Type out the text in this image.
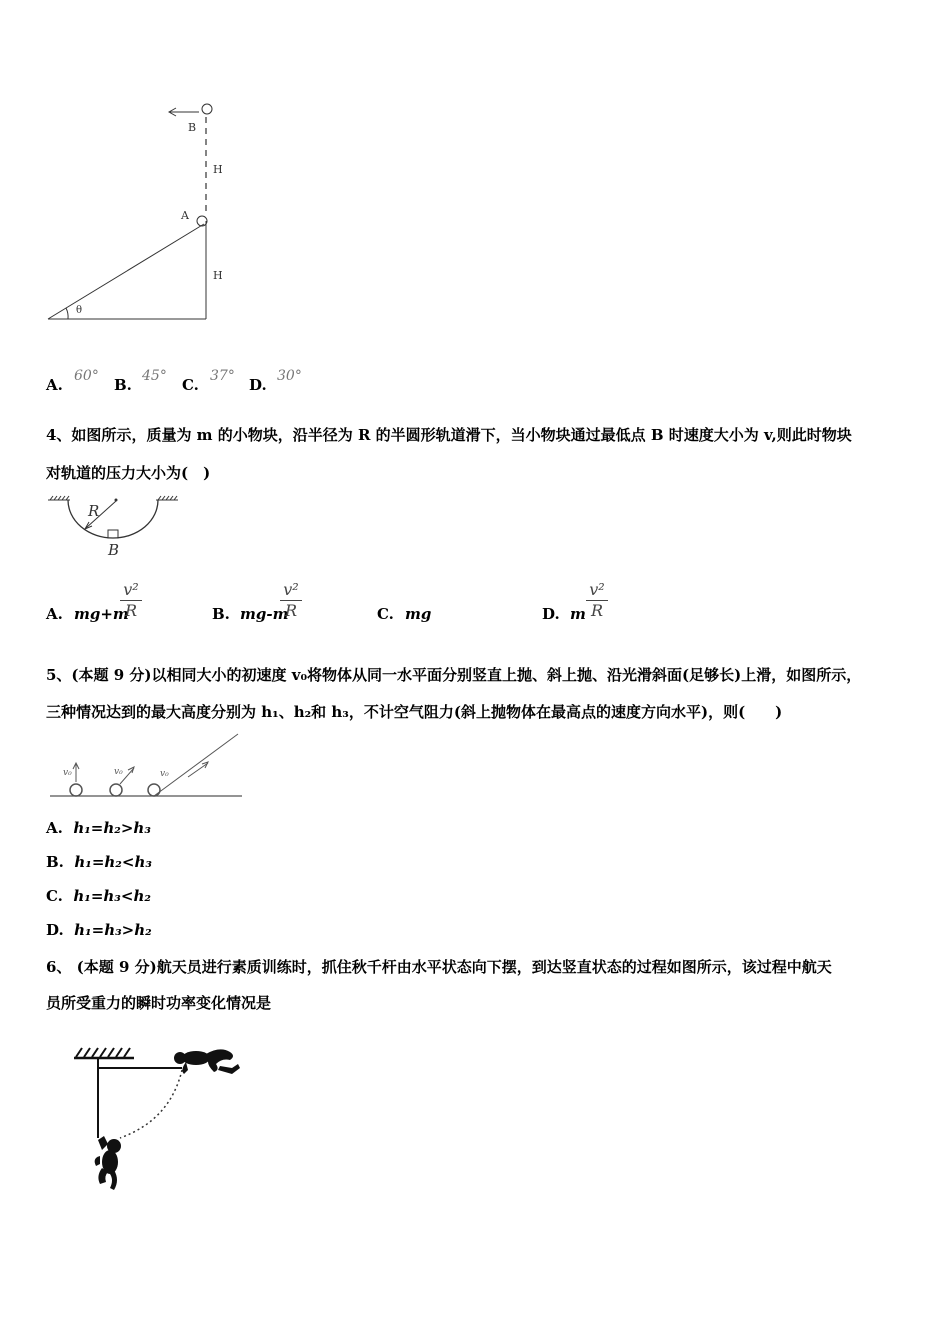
B
H
A
H
θ
A. 60° B. 45° C. 37° D. 30°
4、如图所示，质量为 m 的小物块，沿半径为 R 的半圆形轨道滑下，当小物块通过最低点 B 时速度大小为 v,则此时物块
对轨道的压力大小为(　)
R
B
A. mg+m
$\frac{\text{v²}}{R}$	B. mg-m
$\frac{\text{v²}}{R}$	C. mg	D. m $\frac{\text{v²}}{R}$
5、(本题 9 分)以相同大小的初速度 v₀将物体从同一水平面分别竖直上抛、斜上抛、沿光滑斜面(足够长)上滑，如图所示，
三种情况达到的最大高度分别为 h₁、h₂和 h₃，不计空气阻力(斜上抛物体在最高点的速度方向水平)，则(　　)
v₀	v₀	v₀
A. h₁=h₂>h₃
B. h₁=h₂<h₃
C. h₁=h₃<h₂
D. h₁=h₃>h₂
6、 (本题 9 分)航天员进行素质训练时，抓住秋千杆由水平状态向下摆，到达竖直状态的过程如图所示，该过程中航天
员所受重力的瞬时功率变化情况是
